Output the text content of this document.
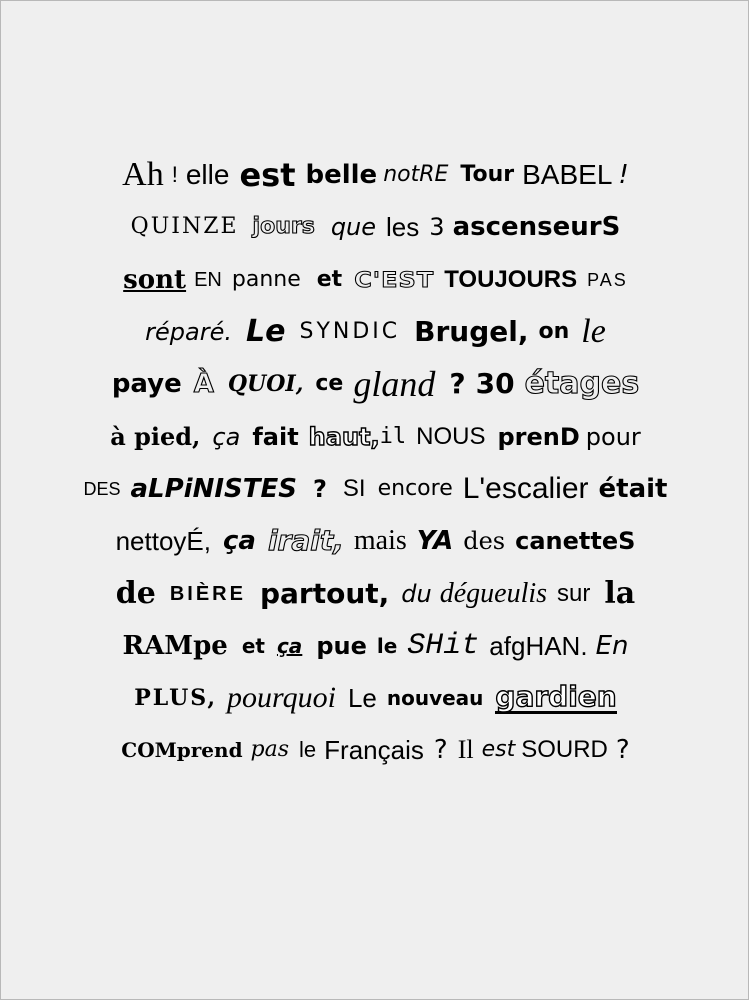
Ah ! elle est belle notRE Tour BABEL !
QUINZE jours que les 3 ascenseurS
sont EN panne et C'EST TOUJOURS PAS
réparé. Le SYNDIC Brugel, on le
paye À QUOI, ce gland ? 30 étages
à pied, ça fait haut, il NOUS prenD pour
DES aLPiNISTES ? SI encore L'escalier était
nettoyÉ, ça irait, mais YA des canetteS
de BIÈRE partout, du dégueulis sur la
RAMpe et ça pue le SHit afgHAN. En
PLUS, pourquoi Le nouveau gardien
COMprend pas le Français ? Il est SOURD ?
